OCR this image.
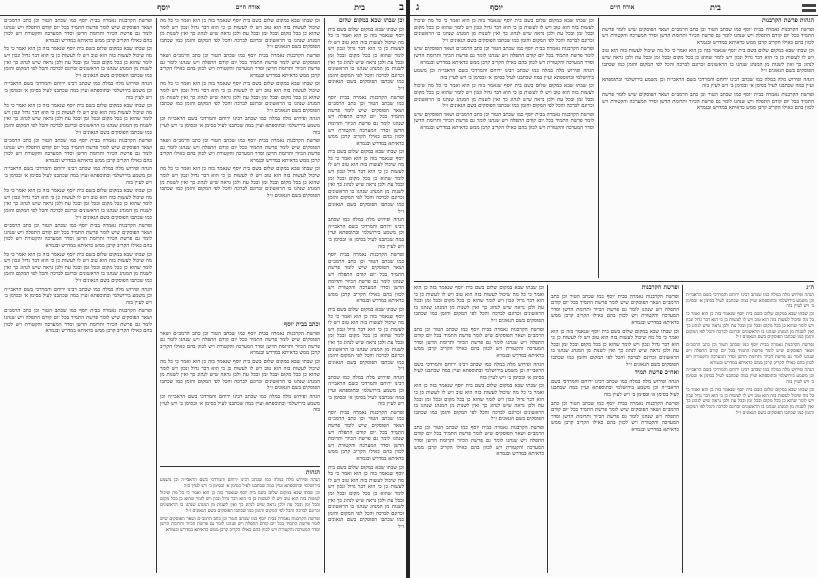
ב
בית
אורח חיים
יוסף

וכן שבתו שבא במקום שלום

וכן שבתו שבא במקום שלום בשם בית יוסף שנאמר בזה כן הוא ואמר כי כל מה שיכול לעשות בזה הוא טוב ויש לו לעשות כן כי הוא דבר גדול ונכון ויש לומר שהוא כן בכל מקום ובכל זמן ובכל עת ולכן נראה שיש לנהוג כך ואין לשנות מן המנהג שנהגו בו הראשונים זכרונם לברכה והכל לפי המקום והזמן כמו שכתבו הפוסקים בשם הגאונים ז״ל

ופרשת הקרבנות נאמרה בבית יוסף כמו שכתב הטור וכן כתב הרמב״ם ושאר הפוסקים שיש לומר פרשת התמיד בכל יום קודם התפלה ויש שנהגו לומר גם פרשת הכיור ותרומת הדשן וסדר המערכה והקטורת ויש לכוון בהם כאילו הקריב קרבן ממש כדאיתא במדרש ובגמרא

וכן שבתו שבא במקום שלום בשם בית יוסף שנאמר בזה כן הוא ואמר כי כל מה שיכול לעשות בזה הוא טוב ויש לו לעשות כן כי הוא דבר גדול ונכון ויש לומר שהוא כן בכל מקום ובכל זמן ובכל עת ולכן נראה שיש לנהוג כך ואין לשנות מן המנהג שנהגו בו הראשונים זכרונם לברכה והכל לפי המקום והזמן כמו שכתבו הפוסקים בשם הגאונים ז״ל

הגהה ופירוש מלה במלה כמו שכתב רבינו ירוחם והמרדכי בשם הראבי״ה וכן משמע בירושלמי ובתוספתא ועיין במה שכתבנו לעיל בסימן א׳ ובסימן ב׳ ויש לעיין בזה

ופרשת הקרבנות נאמרה בבית יוסף כמו שכתב הטור וכן כתב הרמב״ם ושאר הפוסקים שיש לומר פרשת התמיד בכל יום קודם התפלה ויש שנהגו לומר גם פרשת הכיור ותרומת הדשן וסדר המערכה והקטורת ויש לכוון בהם כאילו הקריב קרבן ממש כדאיתא במדרש ובגמרא

וכן שבתו שבא במקום שלום בשם בית יוסף שנאמר בזה כן הוא ואמר כי כל מה שיכול לעשות בזה הוא טוב ויש לו לעשות כן כי הוא דבר גדול ונכון ויש לומר שהוא כן בכל מקום ובכל זמן ובכל עת ולכן נראה שיש לנהוג כך ואין לשנות מן המנהג שנהגו בו הראשונים זכרונם לברכה והכל לפי המקום והזמן כמו שכתבו הפוסקים בשם הגאונים ז״ל

הגהה ופירוש מלה במלה כמו שכתב רבינו ירוחם והמרדכי בשם הראבי״ה וכן משמע בירושלמי ובתוספתא ועיין במה שכתבנו לעיל בסימן א׳ ובסימן ב׳ ויש לעיין בזה

ופרשת הקרבנות נאמרה בבית יוסף כמו שכתב הטור וכן כתב הרמב״ם ושאר הפוסקים שיש לומר פרשת התמיד בכל יום קודם התפלה ויש שנהגו לומר גם פרשת הכיור ותרומת הדשן וסדר המערכה והקטורת ויש לכוון בהם כאילו הקריב קרבן ממש כדאיתא במדרש ובגמרא

וכן שבתו שבא במקום שלום בשם בית יוסף שנאמר בזה כן הוא ואמר כי כל מה שיכול לעשות בזה הוא טוב ויש לו לעשות כן כי הוא דבר גדול ונכון ויש לומר שהוא כן בכל מקום ובכל זמן ובכל עת ולכן נראה שיש לנהוג כך ואין לשנות מן המנהג שנהגו בו הראשונים זכרונם לברכה והכל לפי המקום והזמן כמו שכתבו הפוסקים בשם הגאונים ז״ל

וכן שבתו שבא במקום שלום בשם בית יוסף שנאמר בזה כן הוא ואמר כי כל מה שיכול לעשות בזה הוא טוב ויש לו לעשות כן כי הוא דבר גדול ונכון ויש לומר שהוא כן בכל מקום ובכל זמן ובכל עת ולכן נראה שיש לנהוג כך ואין לשנות מן המנהג שנהגו בו הראשונים זכרונם לברכה והכל לפי המקום והזמן כמו שכתבו הפוסקים בשם הגאונים ז״ל

ופרשת הקרבנות נאמרה בבית יוסף כמו שכתב הטור וכן כתב הרמב״ם ושאר הפוסקים שיש לומר פרשת התמיד בכל יום קודם התפלה ויש שנהגו לומר גם פרשת הכיור ותרומת הדשן וסדר המערכה והקטורת ויש לכוון בהם כאילו הקריב קרבן ממש כדאיתא במדרש ובגמרא

וכן שבתו שבא במקום שלום בשם בית יוסף שנאמר בזה כן הוא ואמר כי כל מה שיכול לעשות בזה הוא טוב ויש לו לעשות כן כי הוא דבר גדול ונכון ויש לומר שהוא כן בכל מקום ובכל זמן ובכל עת ולכן נראה שיש לנהוג כך ואין לשנות מן המנהג שנהגו בו הראשונים זכרונם לברכה והכל לפי המקום והזמן כמו שכתבו הפוסקים בשם הגאונים ז״ל

הגהה ופירוש מלה במלה כמו שכתב רבינו ירוחם והמרדכי בשם הראבי״ה וכן משמע בירושלמי ובתוספתא ועיין במה שכתבנו לעיל בסימן א׳ ובסימן ב׳ ויש לעיין בזה

ופרשת הקרבנות נאמרה בבית יוסף כמו שכתב הטור וכן כתב הרמב״ם ושאר הפוסקים שיש לומר פרשת התמיד בכל יום קודם התפלה ויש שנהגו לומר גם פרשת הכיור ותרומת הדשן וסדר המערכה והקטורת ויש לכוון בהם כאילו הקריב קרבן ממש כדאיתא במדרש ובגמרא

וכן שבתו שבא במקום שלום בשם בית יוסף שנאמר בזה כן הוא ואמר כי כל מה שיכול לעשות בזה הוא טוב ויש לו לעשות כן כי הוא דבר גדול ונכון ויש לומר שהוא כן בכל מקום ובכל זמן ובכל עת ולכן נראה שיש לנהוג כך ואין לשנות מן המנהג שנהגו בו הראשונים זכרונם לברכה והכל לפי המקום והזמן כמו שכתבו הפוסקים בשם הגאונים ז״ל

וכתב בבית יוסף

ופרשת הקרבנות נאמרה בבית יוסף כמו שכתב הטור וכן כתב הרמב״ם ושאר הפוסקים שיש לומר פרשת התמיד בכל יום קודם התפלה ויש שנהגו לומר גם פרשת הכיור ותרומת הדשן וסדר המערכה והקטורת ויש לכוון בהם כאילו הקריב קרבן ממש כדאיתא במדרש ובגמרא

וכן שבתו שבא במקום שלום בשם בית יוסף שנאמר בזה כן הוא ואמר כי כל מה שיכול לעשות בזה הוא טוב ויש לו לעשות כן כי הוא דבר גדול ונכון ויש לומר שהוא כן בכל מקום ובכל זמן ובכל עת ולכן נראה שיש לנהוג כך ואין לשנות מן המנהג שנהגו בו הראשונים זכרונם לברכה והכל לפי המקום והזמן כמו שכתבו הפוסקים בשם הגאונים ז״ל

הגהה ופירוש מלה במלה כמו שכתב רבינו ירוחם והמרדכי בשם הראבי״ה וכן משמע בירושלמי ובתוספתא ועיין במה שכתבנו לעיל בסימן א׳ ובסימן ב׳ ויש לעיין בזה

הגהות

הגהה ופירוש מלה במלה כמו שכתב רבינו ירוחם והמרדכי בשם הראבי״ה וכן משמע בירושלמי ובתוספתא ועיין במה שכתבנו לעיל בסימן א׳ ובסימן ב׳ ויש לעיין בזה

וכן שבתו שבא במקום שלום בשם בית יוסף שנאמר בזה כן הוא ואמר כי כל מה שיכול לעשות בזה הוא טוב ויש לו לעשות כן כי הוא דבר גדול ונכון ויש לומר שהוא כן בכל מקום ובכל זמן ובכל עת ולכן נראה שיש לנהוג כך ואין לשנות מן המנהג שנהגו בו הראשונים זכרונם לברכה והכל לפי המקום והזמן כמו שכתבו הפוסקים בשם הגאונים ז״ל

ופרשת הקרבנות נאמרה בבית יוסף כמו שכתב הטור וכן כתב הרמב״ם ושאר הפוסקים שיש לומר פרשת התמיד בכל יום קודם התפלה ויש שנהגו לומר גם פרשת הכיור ותרומת הדשן וסדר המערכה והקטורת ויש לכוון בהם כאילו הקריב קרבן ממש כדאיתא במדרש ובגמרא

ופרשת הקרבנות נאמרה בבית יוסף כמו שכתב הטור וכן כתב הרמב״ם ושאר הפוסקים שיש לומר פרשת התמיד בכל יום קודם התפלה ויש שנהגו לומר גם פרשת הכיור ותרומת הדשן וסדר המערכה והקטורת ויש לכוון בהם כאילו הקריב קרבן ממש כדאיתא במדרש ובגמרא

וכן שבתו שבא במקום שלום בשם בית יוסף שנאמר בזה כן הוא ואמר כי כל מה שיכול לעשות בזה הוא טוב ויש לו לעשות כן כי הוא דבר גדול ונכון ויש לומר שהוא כן בכל מקום ובכל זמן ובכל עת ולכן נראה שיש לנהוג כך ואין לשנות מן המנהג שנהגו בו הראשונים זכרונם לברכה והכל לפי המקום והזמן כמו שכתבו הפוסקים בשם הגאונים ז״ל

הגהה ופירוש מלה במלה כמו שכתב רבינו ירוחם והמרדכי בשם הראבי״ה וכן משמע בירושלמי ובתוספתא ועיין במה שכתבנו לעיל בסימן א׳ ובסימן ב׳ ויש לעיין בזה

וכן שבתו שבא במקום שלום בשם בית יוסף שנאמר בזה כן הוא ואמר כי כל מה שיכול לעשות בזה הוא טוב ויש לו לעשות כן כי הוא דבר גדול ונכון ויש לומר שהוא כן בכל מקום ובכל זמן ובכל עת ולכן נראה שיש לנהוג כך ואין לשנות מן המנהג שנהגו בו הראשונים זכרונם לברכה והכל לפי המקום והזמן כמו שכתבו הפוסקים בשם הגאונים ז״ל

ופרשת הקרבנות נאמרה בבית יוסף כמו שכתב הטור וכן כתב הרמב״ם ושאר הפוסקים שיש לומר פרשת התמיד בכל יום קודם התפלה ויש שנהגו לומר גם פרשת הכיור ותרומת הדשן וסדר המערכה והקטורת ויש לכוון בהם כאילו הקריב קרבן ממש כדאיתא במדרש ובגמרא

הגהה ופירוש מלה במלה כמו שכתב רבינו ירוחם והמרדכי בשם הראבי״ה וכן משמע בירושלמי ובתוספתא ועיין במה שכתבנו לעיל בסימן א׳ ובסימן ב׳ ויש לעיין בזה

וכן שבתו שבא במקום שלום בשם בית יוסף שנאמר בזה כן הוא ואמר כי כל מה שיכול לעשות בזה הוא טוב ויש לו לעשות כן כי הוא דבר גדול ונכון ויש לומר שהוא כן בכל מקום ובכל זמן ובכל עת ולכן נראה שיש לנהוג כך ואין לשנות מן המנהג שנהגו בו הראשונים זכרונם לברכה והכל לפי המקום והזמן כמו שכתבו הפוסקים בשם הגאונים ז״ל

ופרשת הקרבנות נאמרה בבית יוסף כמו שכתב הטור וכן כתב הרמב״ם ושאר הפוסקים שיש לומר פרשת התמיד בכל יום קודם התפלה ויש שנהגו לומר גם פרשת הכיור ותרומת הדשן וסדר המערכה והקטורת ויש לכוון בהם כאילו הקריב קרבן ממש כדאיתא במדרש ובגמרא

וכן שבתו שבא במקום שלום בשם בית יוסף שנאמר בזה כן הוא ואמר כי כל מה שיכול לעשות בזה הוא טוב ויש לו לעשות כן כי הוא דבר גדול ונכון ויש לומר שהוא כן בכל מקום ובכל זמן ובכל עת ולכן נראה שיש לנהוג כך ואין לשנות מן המנהג שנהגו בו הראשונים זכרונם לברכה והכל לפי המקום והזמן כמו שכתבו הפוסקים בשם הגאונים ז״ל

הגהה ופירוש מלה במלה כמו שכתב רבינו ירוחם והמרדכי בשם הראבי״ה וכן משמע בירושלמי ובתוספתא ועיין במה שכתבנו לעיל בסימן א׳ ובסימן ב׳ ויש לעיין בזה

ופרשת הקרבנות נאמרה בבית יוסף כמו שכתב הטור וכן כתב הרמב״ם ושאר הפוסקים שיש לומר פרשת התמיד בכל יום קודם התפלה ויש שנהגו לומר גם פרשת הכיור ותרומת הדשן וסדר המערכה והקטורת ויש לכוון בהם כאילו הקריב קרבן ממש כדאיתא במדרש ובגמרא

ג	יוסף	אורח חיים	בית

וכן שבתו שבא במקום שלום בשם בית יוסף שנאמר בזה כן הוא ואמר כי כל מה שיכול לעשות בזה הוא טוב ויש לו לעשות כן כי הוא דבר גדול ונכון ויש לומר שהוא כן בכל מקום ובכל זמן ובכל עת ולכן נראה שיש לנהוג כך ואין לשנות מן המנהג שנהגו בו הראשונים זכרונם לברכה והכל לפי המקום והזמן כמו שכתבו הפוסקים בשם הגאונים ז״ל

ופרשת הקרבנות נאמרה בבית יוסף כמו שכתב הטור וכן כתב הרמב״ם ושאר הפוסקים שיש לומר פרשת התמיד בכל יום קודם התפלה ויש שנהגו לומר גם פרשת הכיור ותרומת הדשן וסדר המערכה והקטורת ויש לכוון בהם כאילו הקריב קרבן ממש כדאיתא במדרש ובגמרא

הגהה ופירוש מלה במלה כמו שכתב רבינו ירוחם והמרדכי בשם הראבי״ה וכן משמע בירושלמי ובתוספתא ועיין במה שכתבנו לעיל בסימן א׳ ובסימן ב׳ ויש לעיין בזה

וכן שבתו שבא במקום שלום בשם בית יוסף שנאמר בזה כן הוא ואמר כי כל מה שיכול לעשות בזה הוא טוב ויש לו לעשות כן כי הוא דבר גדול ונכון ויש לומר שהוא כן בכל מקום ובכל זמן ובכל עת ולכן נראה שיש לנהוג כך ואין לשנות מן המנהג שנהגו בו הראשונים זכרונם לברכה והכל לפי המקום והזמן כמו שכתבו הפוסקים בשם הגאונים ז״ל

ופרשת הקרבנות נאמרה בבית יוסף כמו שכתב הטור וכן כתב הרמב״ם ושאר הפוסקים שיש לומר פרשת התמיד בכל יום קודם התפלה ויש שנהגו לומר גם פרשת הכיור ותרומת הדשן וסדר המערכה והקטורת ויש לכוון בהם כאילו הקריב קרבן ממש כדאיתא במדרש ובגמרא

הגהות פרשת הקרבנות

ופרשת הקרבנות נאמרה בבית יוסף כמו שכתב הטור וכן כתב הרמב״ם ושאר הפוסקים שיש לומר פרשת התמיד בכל יום קודם התפלה ויש שנהגו לומר גם פרשת הכיור ותרומת הדשן וסדר המערכה והקטורת ויש לכוון בהם כאילו הקריב קרבן ממש כדאיתא במדרש ובגמרא

וכן שבתו שבא במקום שלום בשם בית יוסף שנאמר בזה כן הוא ואמר כי כל מה שיכול לעשות בזה הוא טוב ויש לו לעשות כן כי הוא דבר גדול ונכון ויש לומר שהוא כן בכל מקום ובכל זמן ובכל עת ולכן נראה שיש לנהוג כך ואין לשנות מן המנהג שנהגו בו הראשונים זכרונם לברכה והכל לפי המקום והזמן כמו שכתבו הפוסקים בשם הגאונים ז״ל

הגהה ופירוש מלה במלה כמו שכתב רבינו ירוחם והמרדכי בשם הראבי״ה וכן משמע בירושלמי ובתוספתא ועיין במה שכתבנו לעיל בסימן א׳ ובסימן ב׳ ויש לעיין בזה

ופרשת הקרבנות נאמרה בבית יוסף כמו שכתב הטור וכן כתב הרמב״ם ושאר הפוסקים שיש לומר פרשת התמיד בכל יום קודם התפלה ויש שנהגו לומר גם פרשת הכיור ותרומת הדשן וסדר המערכה והקטורת ויש לכוון בהם כאילו הקריב קרבן ממש כדאיתא במדרש ובגמרא

וכן שבתו שבא במקום שלום בשם בית יוסף שנאמר בזה כן הוא ואמר כי כל מה שיכול לעשות בזה הוא טוב ויש לו לעשות כן כי הוא דבר גדול ונכון ויש לומר שהוא כן בכל מקום ובכל זמן ובכל עת ולכן נראה שיש לנהוג כך ואין לשנות מן המנהג שנהגו בו הראשונים זכרונם לברכה והכל לפי המקום והזמן כמו שכתבו הפוסקים בשם הגאונים ז״ל

ופרשת הקרבנות נאמרה בבית יוסף כמו שכתב הטור וכן כתב הרמב״ם ושאר הפוסקים שיש לומר פרשת התמיד בכל יום קודם התפלה ויש שנהגו לומר גם פרשת הכיור ותרומת הדשן וסדר המערכה והקטורת ויש לכוון בהם כאילו הקריב קרבן ממש כדאיתא במדרש ובגמרא

הגהה ופירוש מלה במלה כמו שכתב רבינו ירוחם והמרדכי בשם הראבי״ה וכן משמע בירושלמי ובתוספתא ועיין במה שכתבנו לעיל בסימן א׳ ובסימן ב׳ ויש לעיין בזה

וכן שבתו שבא במקום שלום בשם בית יוסף שנאמר בזה כן הוא ואמר כי כל מה שיכול לעשות בזה הוא טוב ויש לו לעשות כן כי הוא דבר גדול ונכון ויש לומר שהוא כן בכל מקום ובכל זמן ובכל עת ולכן נראה שיש לנהוג כך ואין לשנות מן המנהג שנהגו בו הראשונים זכרונם לברכה והכל לפי המקום והזמן כמו שכתבו הפוסקים בשם הגאונים ז״ל

ופרשת הקרבנות נאמרה בבית יוסף כמו שכתב הטור וכן כתב הרמב״ם ושאר הפוסקים שיש לומר פרשת התמיד בכל יום קודם התפלה ויש שנהגו לומר גם פרשת הכיור ותרומת הדשן וסדר המערכה והקטורת ויש לכוון בהם כאילו הקריב קרבן ממש כדאיתא במדרש ובגמרא

ופרשת הקרבנות

ופרשת הקרבנות נאמרה בבית יוסף כמו שכתב הטור וכן כתב הרמב״ם ושאר הפוסקים שיש לומר פרשת התמיד בכל יום קודם התפלה ויש שנהגו לומר גם פרשת הכיור ותרומת הדשן וסדר המערכה והקטורת ויש לכוון בהם כאילו הקריב קרבן ממש כדאיתא במדרש ובגמרא

וכן שבתו שבא במקום שלום בשם בית יוסף שנאמר בזה כן הוא ואמר כי כל מה שיכול לעשות בזה הוא טוב ויש לו לעשות כן כי הוא דבר גדול ונכון ויש לומר שהוא כן בכל מקום ובכל זמן ובכל עת ולכן נראה שיש לנהוג כך ואין לשנות מן המנהג שנהגו בו הראשונים זכרונם לברכה והכל לפי המקום והזמן כמו שכתבו הפוסקים בשם הגאונים ז״ל

ואח״כ פרשת תמיד

הגהה ופירוש מלה במלה כמו שכתב רבינו ירוחם והמרדכי בשם הראבי״ה וכן משמע בירושלמי ובתוספתא ועיין במה שכתבנו לעיל בסימן א׳ ובסימן ב׳ ויש לעיין בזה

ופרשת הקרבנות נאמרה בבית יוסף כמו שכתב הטור וכן כתב הרמב״ם ושאר הפוסקים שיש לומר פרשת התמיד בכל יום קודם התפלה ויש שנהגו לומר גם פרשת הכיור ותרומת הדשן וסדר המערכה והקטורת ויש לכוון בהם כאילו הקריב קרבן ממש כדאיתא במדרש ובגמרא

ה״ג

הגהה ופירוש מלה במלה כמו שכתב רבינו ירוחם והמרדכי בשם הראבי״ה וכן משמע בירושלמי ובתוספתא ועיין במה שכתבנו לעיל בסימן א׳ ובסימן ב׳ ויש לעיין בזה

וכן שבתו שבא במקום שלום בשם בית יוסף שנאמר בזה כן הוא ואמר כי כל מה שיכול לעשות בזה הוא טוב ויש לו לעשות כן כי הוא דבר גדול ונכון ויש לומר שהוא כן בכל מקום ובכל זמן ובכל עת ולכן נראה שיש לנהוג כך ואין לשנות מן המנהג שנהגו בו הראשונים זכרונם לברכה והכל לפי המקום והזמן כמו שכתבו הפוסקים בשם הגאונים ז״ל

ופרשת הקרבנות נאמרה בבית יוסף כמו שכתב הטור וכן כתב הרמב״ם ושאר הפוסקים שיש לומר פרשת התמיד בכל יום קודם התפלה ויש שנהגו לומר גם פרשת הכיור ותרומת הדשן וסדר המערכה והקטורת ויש לכוון בהם כאילו הקריב קרבן ממש כדאיתא במדרש ובגמרא

הגהה ופירוש מלה במלה כמו שכתב רבינו ירוחם והמרדכי בשם הראבי״ה וכן משמע בירושלמי ובתוספתא ועיין במה שכתבנו לעיל בסימן א׳ ובסימן ב׳ ויש לעיין בזה

וכן שבתו שבא במקום שלום בשם בית יוסף שנאמר בזה כן הוא ואמר כי כל מה שיכול לעשות בזה הוא טוב ויש לו לעשות כן כי הוא דבר גדול ונכון ויש לומר שהוא כן בכל מקום ובכל זמן ובכל עת ולכן נראה שיש לנהוג כך ואין לשנות מן המנהג שנהגו בו הראשונים זכרונם לברכה והכל לפי המקום והזמן כמו שכתבו הפוסקים בשם הגאונים ז״ל
